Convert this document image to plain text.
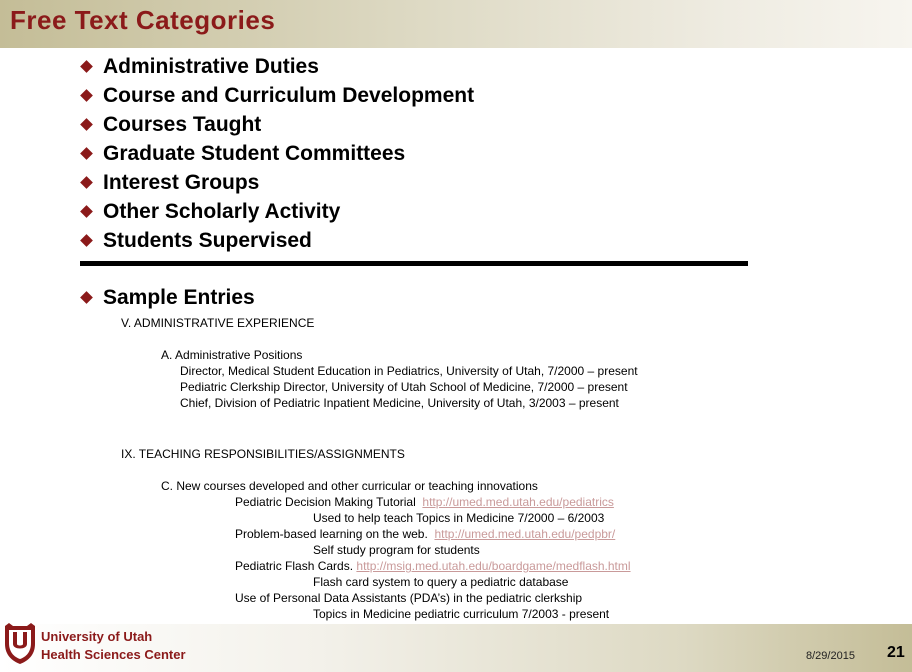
Free Text Categories
Administrative Duties
Course and Curriculum Development
Courses Taught
Graduate Student Committees
Interest Groups
Other Scholarly Activity
Students Supervised
Sample Entries
V. ADMINISTRATIVE EXPERIENCE
A. Administrative Positions
Director, Medical Student Education in Pediatrics, University of Utah, 7/2000 – present
Pediatric Clerkship Director, University of Utah School of Medicine, 7/2000 – present
Chief, Division of Pediatric Inpatient Medicine, University of Utah, 3/2003 – present
IX. TEACHING RESPONSIBILITIES/ASSIGNMENTS
C. New courses developed and other curricular or teaching innovations
Pediatric Decision Making Tutorial http://umed.med.utah.edu/pediatrics
Used to help teach Topics in Medicine 7/2000 – 6/2003
Problem-based learning on the web. http://umed.med.utah.edu/pedpbr/
Self study program for students
Pediatric Flash Cards. http://msig.med.utah.edu/boardgame/medflash.html
Flash card system to query a pediatric database
Use of Personal Data Assistants (PDA’s) in the pediatric clerkship
Topics in Medicine pediatric curriculum 7/2003 - present
University of Utah
Health Sciences Center	8/29/2015 21
